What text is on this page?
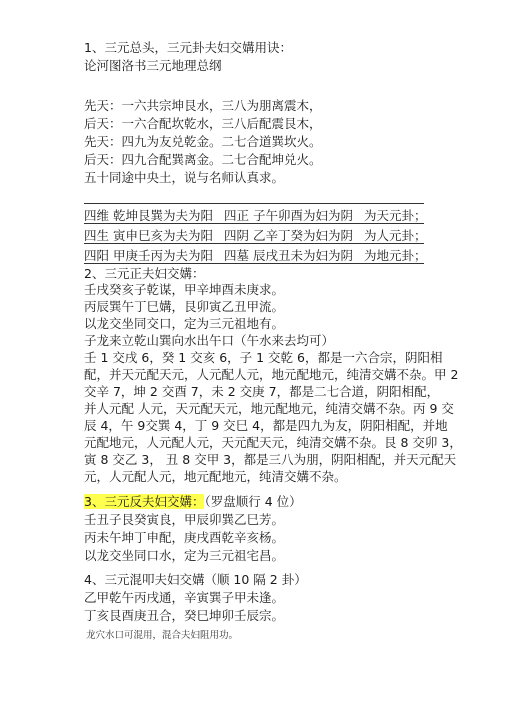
1、三元总头，三元卦夫妇交媾用诀：
论河图洛书三元地理总纲
先天：一六共宗坤艮水，三八为朋离震木，
后天：一六合配坎乾水，三八后配震艮木，
先天：四九为友兑乾金。二七合道巽坎火。
后天：四九合配巽离金。二七合配坤兑火。
五十同途中央土，说与名师认真求。
四维 乾坤艮巽为夫为阳 四正 子午卯酉为妇为阴 为天元卦；
四生 寅申巳亥为夫为阳 四阴 乙辛丁癸为妇为阴 为人元卦；
四阳 甲庚壬丙为夫为阳 四墓 辰戌丑未为妇为阴 为地元卦；
2、三元正夫妇交媾：
壬戌癸亥子乾谋，甲辛坤酉未庚求。
丙辰巽午丁巳媾，艮卯寅乙丑甲流。
以龙交坐同交口，定为三元祖地有。
子龙来立乾山巽向水出午口（午水来去均可）
壬 1 交戌 6，癸 1 交亥 6，子 1 交乾 6，都是一六合宗，阴阳相
配，并天元配天元，人元配人元，地元配地元，纯清交媾不杂。甲 2
交辛 7，坤 2 交酉 7，未 2 交庚 7，都是二七合道，阴阳相配，
并人元配 人元，天元配天元，地元配地元，纯清交媾不杂。丙 9 交
辰 4，午 9交巽 4，丁 9 交巳 4，都是四九为友，阴阳相配，并地
元配地元，人元配人元，天元配天元，纯清交媾不杂。艮 8 交卯 3，
寅 8 交乙 3， 丑 8 交甲 3，都是三八为朋，阴阳相配，并天元配天
元，人元配人元，地元配地元，纯清交媾不杂。
3、三元反夫妇交媾：（罗盘顺行 4 位）
壬丑子艮癸寅良，甲辰卯巽乙巳芳。
丙未午坤丁申配，庚戌酉乾辛亥杨。
以龙交坐同口水，定为三元祖宅昌。
4、三元混叩夫妇交媾（顺 10 隔 2 卦）
乙甲乾午丙戌通，辛寅巽子甲未逢。
丁亥艮酉庚丑合，癸巳坤卯壬辰宗。
龙穴水口可混用，混合夫妇阻用功。
